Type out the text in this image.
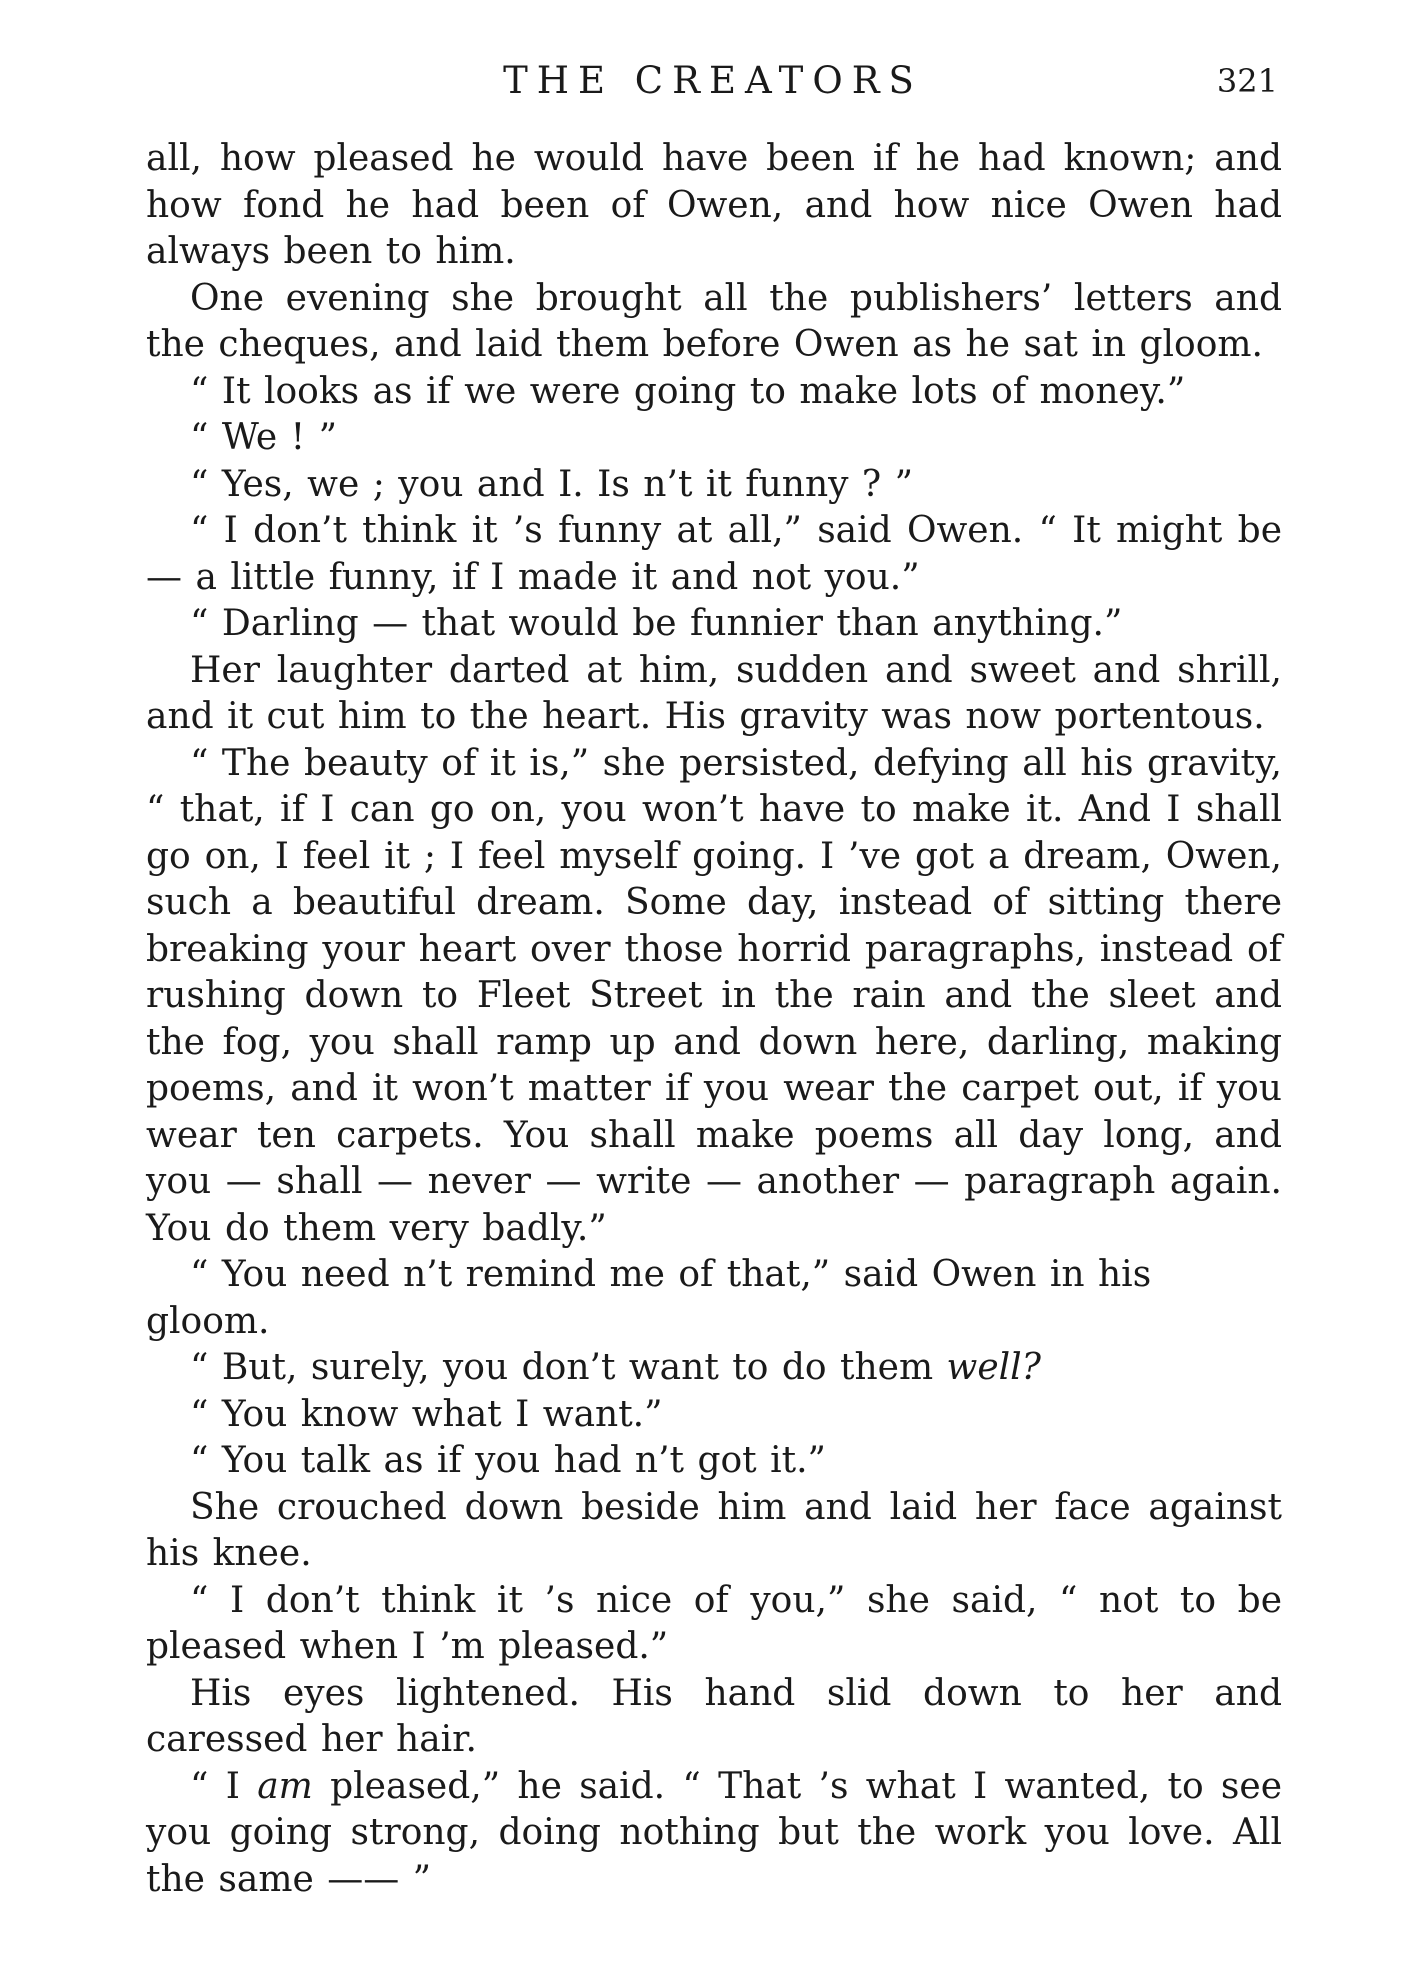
THE CREATORS	321

all, how pleased he would have been if he had known; and how fond he had been of Owen, and how nice Owen had always been to him.

One evening she brought all the publishers’ letters and the cheques, and laid them before Owen as he sat in gloom.

“ It looks as if we were going to make lots of money.”

“ We ! ”

“ Yes, we ; you and I. Is n’t it funny ? ”

“ I don’t think it ’s funny at all,” said Owen. “ It might be — a little funny, if I made it and not you.”

“ Darling — that would be funnier than anything.”

Her laughter darted at him, sudden and sweet and shrill, and it cut him to the heart. His gravity was now portentous.

“ The beauty of it is,” she persisted, defying all his gravity, “ that, if I can go on, you won’t have to make it. And I shall go on, I feel it ; I feel myself going. I ’ve got a dream, Owen, such a beautiful dream. Some day, instead of sitting there breaking your heart over those horrid paragraphs, instead of rushing down to Fleet Street in the rain and the sleet and the fog, you shall ramp up and down here, darling, making poems, and it won’t matter if you wear the carpet out, if you wear ten carpets. You shall make poems all day long, and you — shall — never — write — another — paragraph again. You do them very badly.”

“ You need n’t remind me of that,” said Owen in his gloom.

“ But, surely, you don’t want to do them well?

“ You know what I want.”

“ You talk as if you had n’t got it.”

She crouched down beside him and laid her face against his knee.

“ I don’t think it ’s nice of you,” she said, “ not to be pleased when I ’m pleased.”

His eyes lightened. His hand slid down to her and caressed her hair.

“ I am pleased,” he said. “ That ’s what I wanted, to see you going strong, doing nothing but the work you love. All the same —— ”
